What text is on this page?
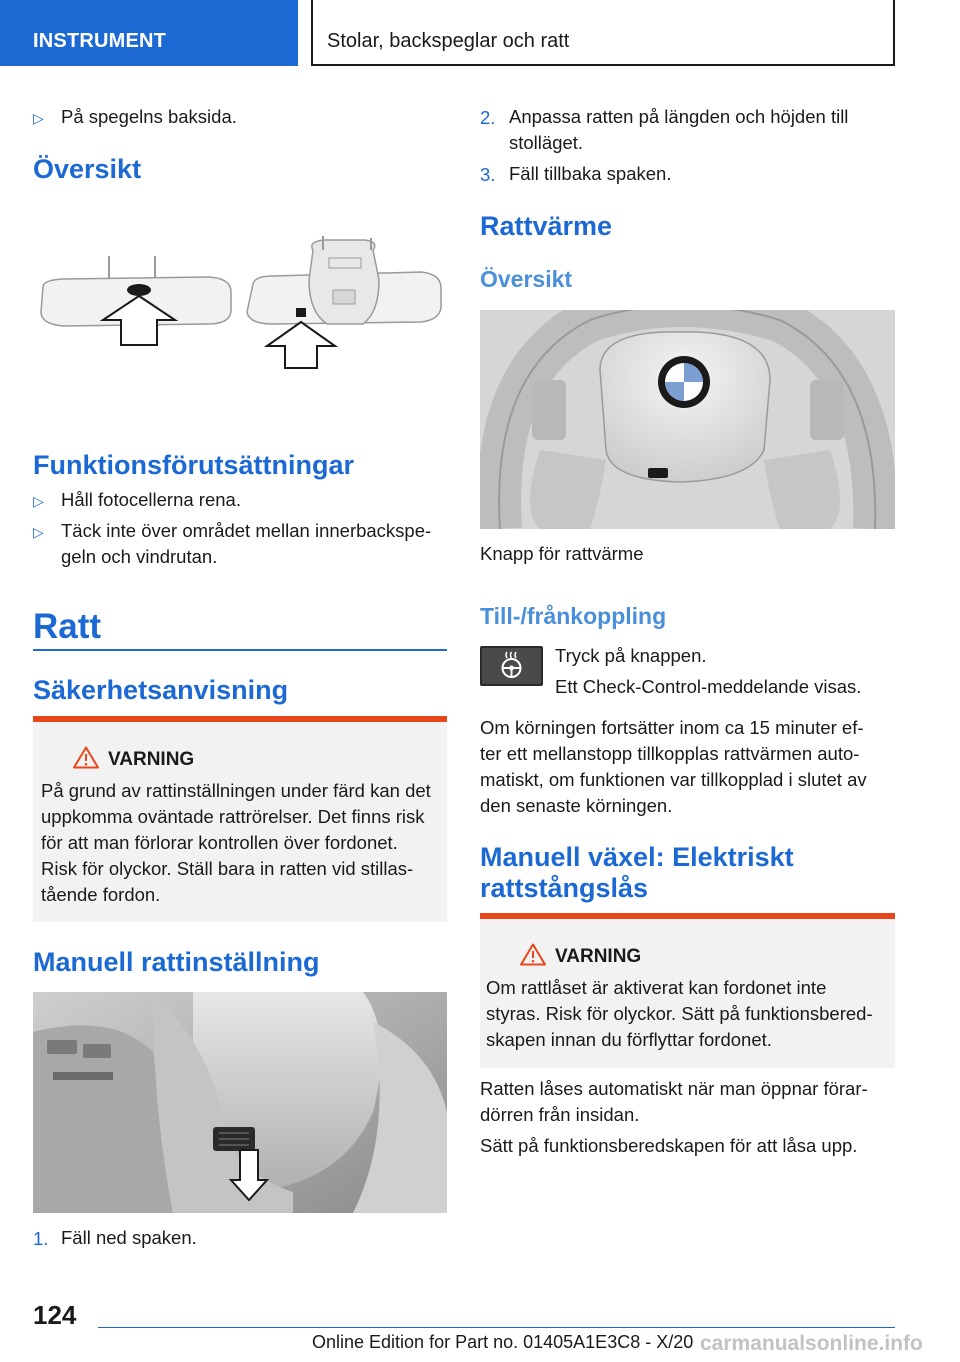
INSTRUMENT	Stolar, backspeglar och ratt
▷ På spegelns baksida.
Översikt
Funktionsförutsättningar
▷ Håll fotocellerna rena.
▷ Täck inte över området mellan innerbackspe-
geln och vindrutan.
Ratt
Säkerhetsanvisning
VARNING
På grund av rattinställningen under färd kan det
uppkomma oväntade rattrörelser. Det finns risk
för att man förlorar kontrollen över fordonet.
Risk för olyckor. Ställ bara in ratten vid stillas-
tående fordon.
Manuell rattinställning
1. Fäll ned spaken.
2. Anpassa ratten på längden och höjden till
stolläget.
3. Fäll tillbaka spaken.
Rattvärme
Översikt
Knapp för rattvärme
Till-/frånkoppling
Tryck på knappen.
Ett Check-Control-meddelande visas.
Om körningen fortsätter inom ca 15 minuter ef-
ter ett mellanstopp tillkopplas rattvärmen auto-
matiskt, om funktionen var tillkopplad i slutet av
den senaste körningen.
Manuell växel: Elektriskt
rattstångslås
VARNING
Om rattlåset är aktiverat kan fordonet inte
styras. Risk för olyckor. Sätt på funktionsbered-
skapen innan du förflyttar fordonet.
Ratten låses automatiskt när man öppnar förar-
dörren från insidan.
Sätt på funktionsberedskapen för att låsa upp.
124
Online Edition for Part no. 01405A1E3C8 - X/20 carmanualsonline.info
